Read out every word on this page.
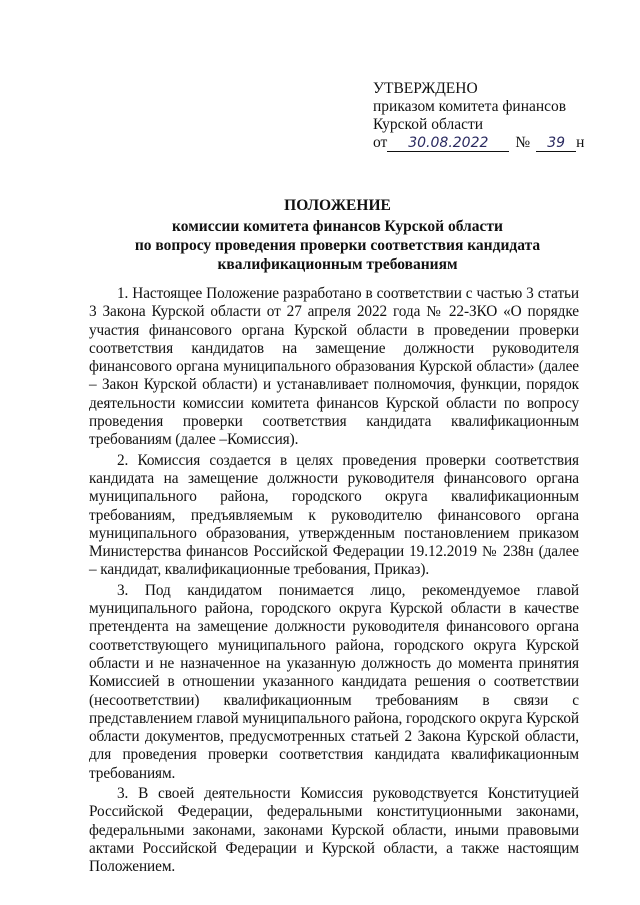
УТВЕРЖДЕНО
приказом комитета финансов
Курской области
от	30.08.2022	№	39 н
ПОЛОЖЕНИЕ
комиссии комитета финансов Курской области
по вопросу проведения проверки соответствия кандидата
квалификационным требованиям

1. Настоящее Положение разработано в соответствии с частью 3 статьи 3 Закона Курской области от 27 апреля 2022 года № 22-ЗКО «О порядке участия финансового органа Курской области в проведении проверки соответствия кандидатов на замещение должности руководителя финансового органа муниципального образования Курской области» (далее – Закон Курской области) и устанавливает полномочия, функции, порядок деятельности комиссии комитета финансов Курской области по вопросу проведения проверки соответствия кандидата квалификационным требованиям (далее –Комиссия).

2. Комиссия создается в целях проведения проверки соответствия кандидата на замещение должности руководителя финансового органа муниципального района, городского округа квалификационным требованиям, предъявляемым к руководителю финансового органа муниципального образования, утвержденным постановлением приказом Министерства финансов Российской Федерации 19.12.2019 № 238н (далее – кандидат, квалификационные требования, Приказ).

3. Под кандидатом понимается лицо, рекомендуемое главой муниципального района, городского округа Курской области в качестве претендента на замещение должности руководителя финансового органа соответствующего муниципального района, городского округа Курской области и не назначенное на указанную должность до момента принятия Комиссией в отношении указанного кандидата решения о соответствии (несоответствии) квалификационным требованиям в связи с представлением главой муниципального района, городского округа Курской области документов, предусмотренных статьей 2 Закона Курской области, для проведения проверки соответствия кандидата квалификационным требованиям.

3. В своей деятельности Комиссия руководствуется Конституцией Российской Федерации, федеральными конституционными законами, федеральными законами, законами Курской области, иными правовыми актами Российской Федерации и Курской области, а также настоящим Положением.
